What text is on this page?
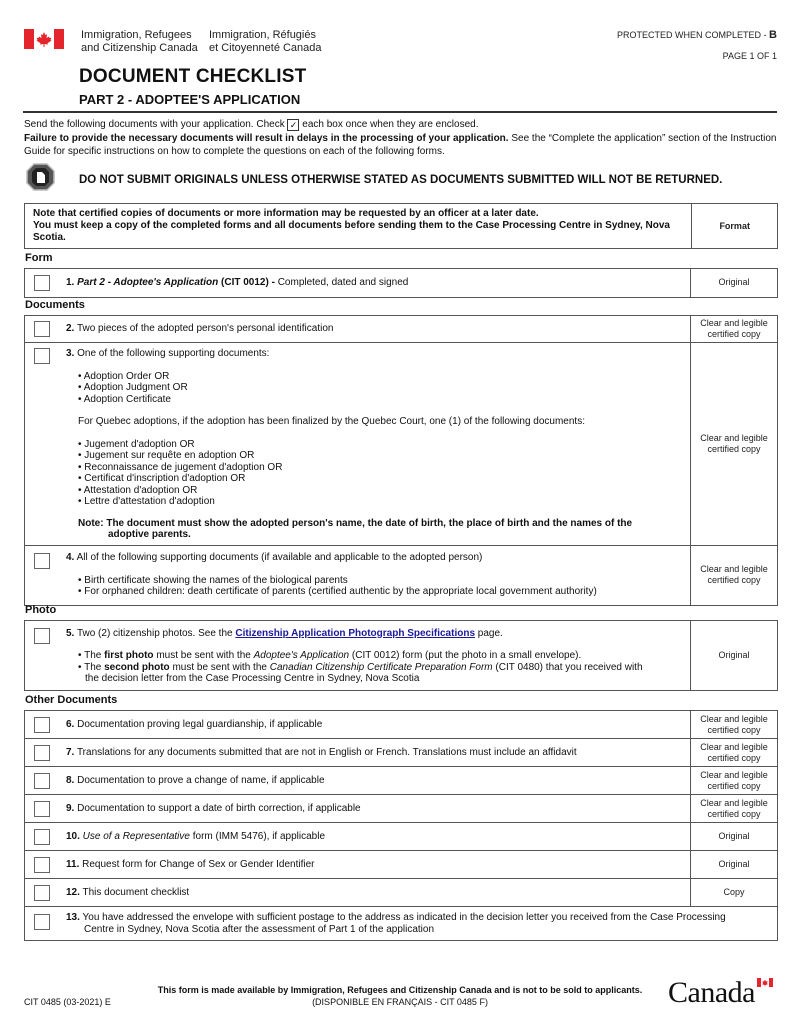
Immigration, Refugees
and Citizenship Canada
Immigration, Réfugiés
et Citoyenneté Canada
PROTECTED WHEN COMPLETED - B
PAGE 1 OF 1
DOCUMENT CHECKLIST
PART 2 - ADOPTEE'S APPLICATION
Send the following documents with your application. Check ✓ each box once when they are enclosed.
Failure to provide the necessary documents will result in delays in the processing of your application. See the “Complete the application” section of the Instruction Guide for specific instructions on how to complete the questions on each of the following forms.
DO NOT SUBMIT ORIGINALS UNLESS OTHERWISE STATED AS DOCUMENTS SUBMITTED WILL NOT BE RETURNED.
Note that certified copies of documents or more information may be requested by an officer at a later date.
You must keep a copy of the completed forms and all documents before sending them to the Case Processing Centre in Sydney, Nova Scotia.
	Format
Form
1. Part 2 - Adoptee's Application (CIT 0012) - Completed, dated and signed	Original
Documents
2. Two pieces of the adopted person's personal identification	Clear and legible
certified copy

3. One of the following supporting documents:
• Adoption Order OR
• Adoption Judgment OR
• Adoption Certificate
For Quebec adoptions, if the adoption has been finalized by the Quebec Court, one (1) of the following documents:
• Jugement d'adoption OR
• Jugement sur requête en adoption OR
• Reconnaissance de jugement d'adoption OR
• Certificat d'inscription d'adoption OR
• Attestation d'adoption OR
• Lettre d'attestation d'adoption
Note: The document must show the adopted person's name, the date of birth, the place of birth and the names of the
adoptive parents.

Clear and legible
certified copy

4. All of the following supporting documents (if available and applicable to the adopted person)
• Birth certificate showing the names of the biological parents
• For orphaned children: death certificate of parents (certified authentic by the appropriate local government authority)

Clear and legible
certified copy
Photo
5. Two (2) citizenship photos. See the Citizenship Application Photograph Specifications page.
• The first photo must be sent with the Adoptee's Application (CIT 0012) form (put the photo in a small envelope).
• The second photo must be sent with the Canadian Citizenship Certificate Preparation Form (CIT 0480) that you received with
the decision letter from the Case Processing Centre in Sydney, Nova Scotia
	Original
Other Documents
6. Documentation proving legal guardianship, if applicable	Clear and legible
certified copy

7. Translations for any documents submitted that are not in English or French. Translations must include an affidavit	Clear and legible
certified copy

8. Documentation to prove a change of name, if applicable	Clear and legible
certified copy

9. Documentation to support a date of birth correction, if applicable	Clear and legible
certified copy

10. Use of a Representative form (IMM 5476), if applicable	Original

11. Request form for Change of Sex or Gender Identifier	Original

12. This document checklist	Copy

13. You have addressed the envelope with sufficient postage to the address as indicated in the decision letter you received from the Case Processing
Centre in Sydney, Nova Scotia after the assessment of Part 1 of the application	
CIT 0485 (03-2021) E
This form is made available by Immigration, Refugees and Citizenship Canada and is not to be sold to applicants.
(DISPONIBLE EN FRANÇAIS - CIT 0485 F)	Canada
